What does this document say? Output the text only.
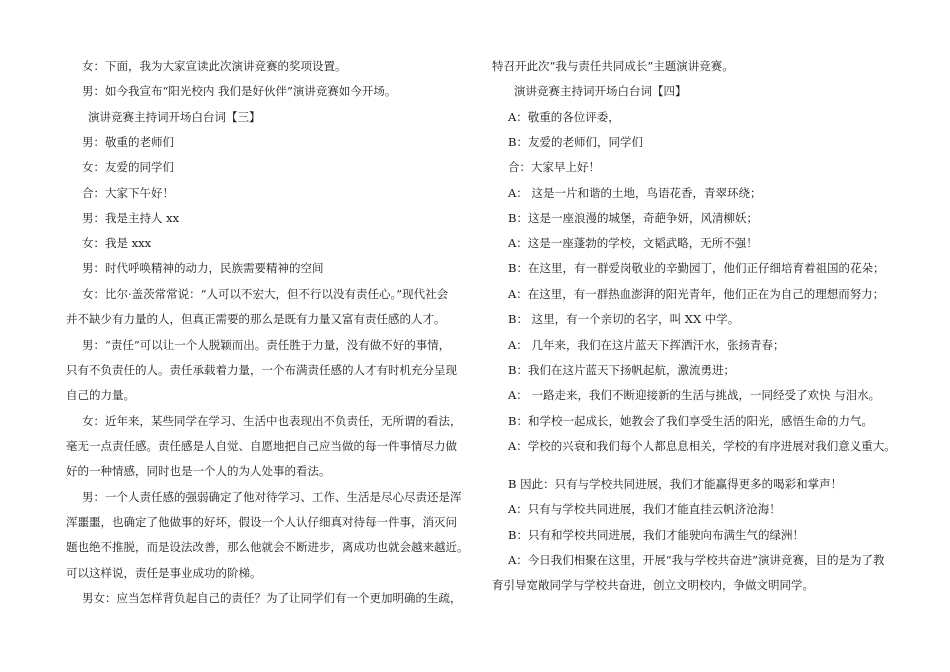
女：下面，我为大家宣读此次演讲竞赛的奖项设置。
男：如今我宣布“阳光校内 我们是好伙伴”演讲竞赛如今开场。
演讲竞赛主持词开场白台词【三】
男：敬重的老师们
女：友爱的同学们
合：大家下午好！
男：我是主持人 xx
女：我是 xxx
男：时代呼唤精神的动力，民族需要精神的空间
女：比尔·盖茨常常说：“人可以不宏大，但不行以没有责任心。”现代社会
并不缺少有力量的人，但真正需要的那么是既有力量又富有责任感的人才。
男：“责任”可以让一个人脱颖而出。责任胜于力量，没有做不好的事情，
只有不负责任的人。责任承载着力量，一个布满责任感的人才有时机充分呈现
自己的力量。
女：近年来，某些同学在学习、生活中也表现出不负责任，无所谓的看法，
毫无一点责任感。责任感是人自觉、自愿地把自己应当做的每一件事情尽力做
好的一种情感，同时也是一个人的为人处事的看法。
男：一个人责任感的强弱确定了他对待学习、工作、生活是尽心尽责还是浑
浑噩噩，也确定了他做事的好坏，假设一个人认仔细真对待每一件事，消灭问
题也绝不推脱，而是设法改善，那么他就会不断进步，离成功也就会越来越近。
可以这样说，责任是事业成功的阶梯。
男女：应当怎样背负起自己的责任？为了让同学们有一个更加明确的生疏，
特召开此次“我与责任共同成长”主题演讲竞赛。
演讲竞赛主持词开场白台词【四】
A：敬重的各位评委，
B：友爱的老师们，同学们
合：大家早上好！
A： 这是一片和谐的土地，鸟语花香，青翠环绕；
B：这是一座浪漫的城堡，奇葩争妍，风清柳妖；
A：这是一座蓬勃的学校，文韬武略，无所不强！
B：在这里，有一群爱岗敬业的辛勤园丁，他们正仔细培育着祖国的花朵；
A：在这里，有一群热血澎湃的阳光青年，他们正在为自己的理想而努力；
B： 这里，有一个亲切的名字，叫 XX 中学。
A： 几年来，我们在这片蓝天下挥洒汗水，张扬青春；
B：我们在这片蓝天下扬帆起航，激流勇进；
A： 一路走来，我们不断迎接新的生活与挑战，一同经受了欢快 与泪水。
B：和学校一起成长，她教会了我们享受生活的阳光，感悟生命的力气。
A：学校的兴衰和我们每个人都息息相关，学校的有序进展对我们意义重大。
B 因此：只有与学校共同进展，我们才能赢得更多的喝彩和掌声！
A：只有与学校共同进展，我们才能直挂云帆济沧海！
B：只有和学校共同进展，我们才能驶向布满生气的绿洲！
A：今日我们相聚在这里，开展“我与学校共奋进”演讲竞赛，目的是为了教
育引导宽敞同学与学校共奋进，创立文明校内，争做文明同学。
